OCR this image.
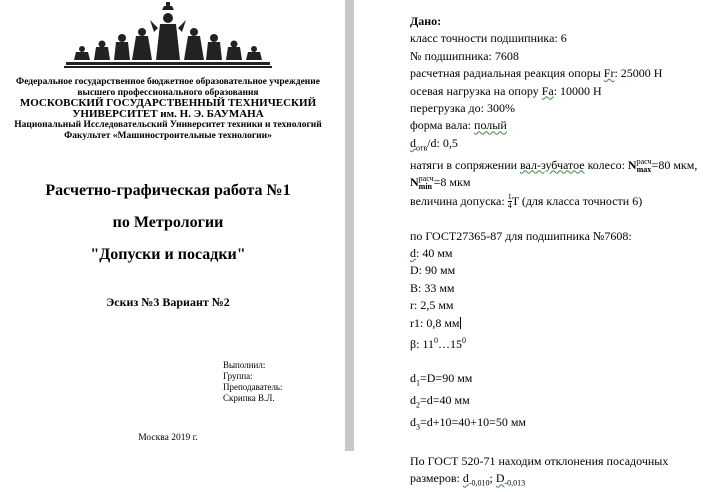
Федеральное государственное бюджетное образовательное учреждение
высшего профессионального образования
МОСКОВСКИЙ ГОСУДАРСТВЕННЫЙ ТЕХНИЧЕСКИЙ
УНИВЕРСИТЕТ им. Н. Э. БАУМАНА
Национальный Исследовательский Университет техники и технологий
Факультет «Машиностроительные технологии»
Расчетно-графическая работа №1
по Метрологии
"Допуски и посадки"
Эскиз №3 Вариант №2
Выполнил:
Группа:
Преподаватель:
Скрипка В.Л.
Москва 2019 г.
Дано:
класс точности подшипника: 6
№ подшипника: 7608
расчетная радиальная реакция опоры Fr: 25000 Н
осевая нагрузка на опору Fa: 10000 Н
перегрузка до: 300%
форма вала: полый
$d_{отв}/d$: 0,5
натяги в сопряжении вал-зубчатое колесо: N расч
max =80 мкм,
N расч
min =8 мкм
величина допуска: $\frac{1}{4}$ T (для класса точности 6)
по ГОСТ27365-87 для подшипника №7608:
d: 40 мм
D: 90 мм
B: 33 мм
r: 2,5 мм
r1: 0,8 мм
β: $11^0\dots 15^0$
$d_1=D=90$ мм
$d_2=d=40$ мм
$d_3=d+10=40+10=50$ мм
По ГОСТ 520-71 находим отклонения посадочных
размеров: $d_{-0,010}$; $D_{-0,013}$
